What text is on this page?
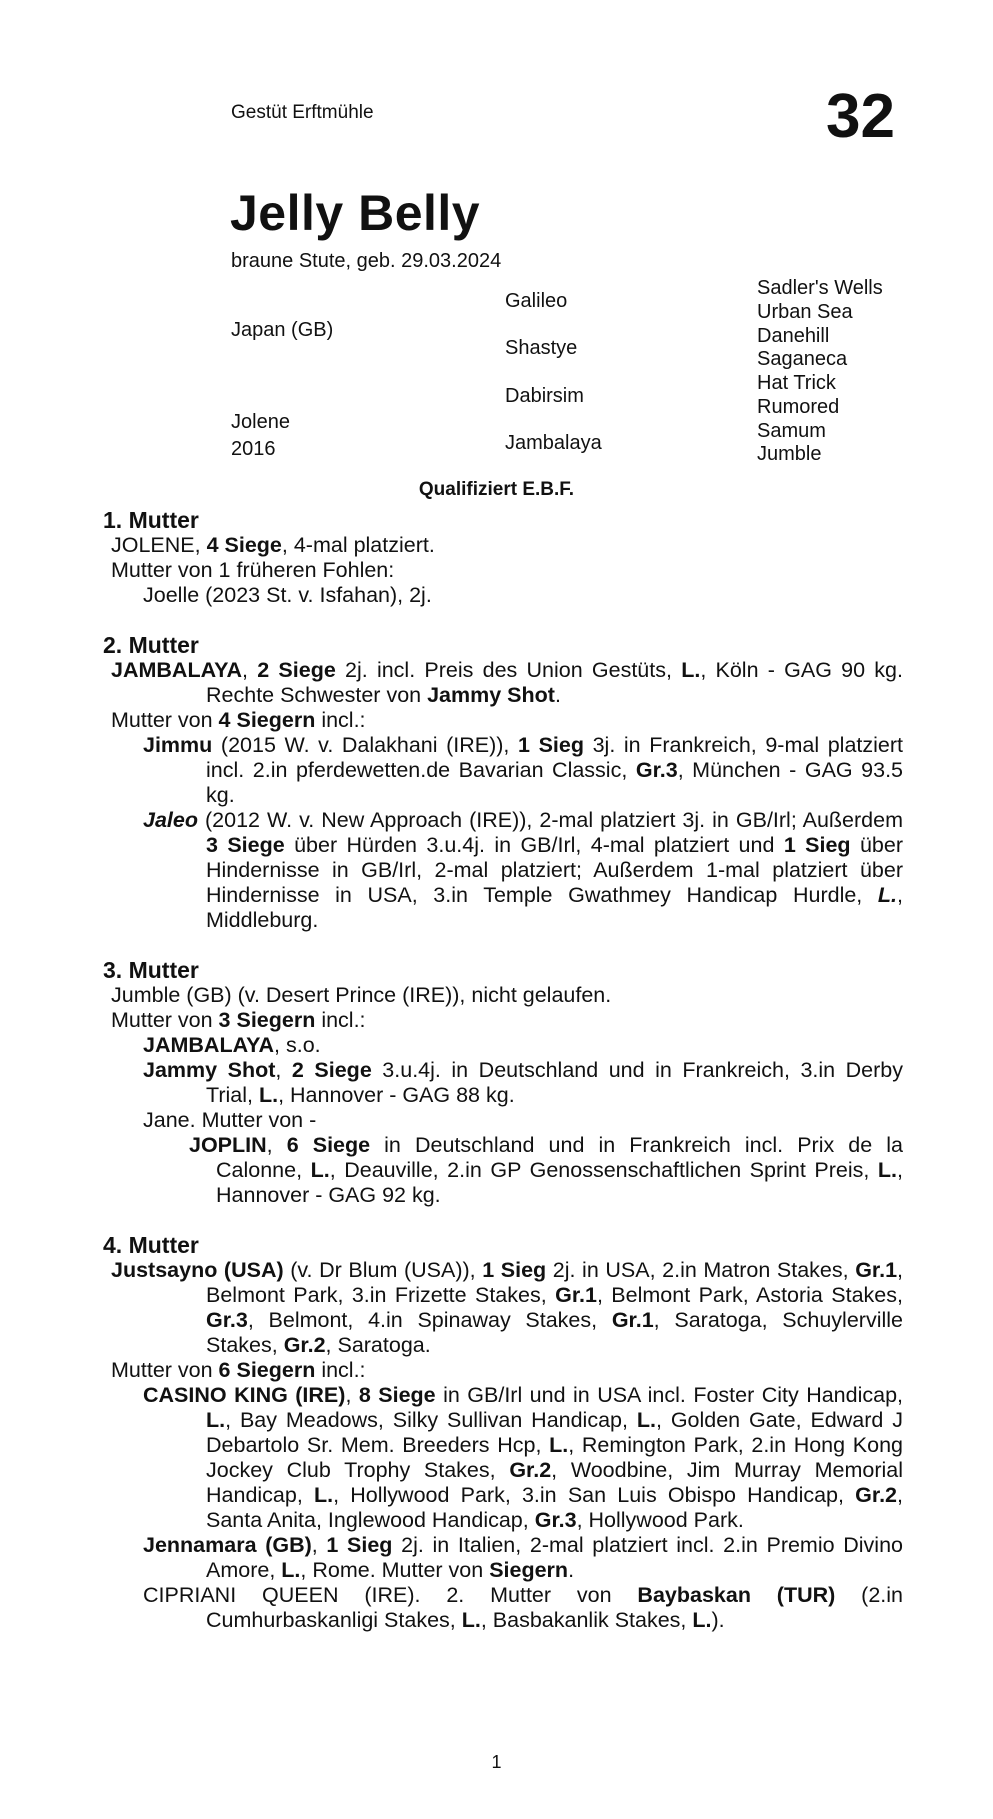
Gestüt Erftmühle	32
Jelly Belly
braune Stute, geb. 29.03.2024
Japan (GB)
Jolene
2016
Galileo
Shastye
Dabirsim
Jambalaya
Sadler's Wells
Urban Sea
Danehill
Saganeca
Hat Trick
Rumored
Samum
Jumble
Qualifiziert E.B.F.

1. Mutter

JOLENE, 4 Siege, 4-mal platziert.

Mutter von 1 früheren Fohlen:

Joelle (2023 St. v. Isfahan), 2j.

2. Mutter

JAMBALAYA, 2 Siege 2j. incl. Preis des Union Gestüts, L., Köln - GAG 90 kg. Rechte Schwester von Jammy Shot.

Mutter von 4 Siegern incl.:

Jimmu (2015 W. v. Dalakhani (IRE)), 1 Sieg 3j. in Frankreich, 9-mal platziert incl. 2.in pferdewetten.de Bavarian Classic, Gr.3, München - GAG 93.5 kg.

Jaleo (2012 W. v. New Approach (IRE)), 2-mal platziert 3j. in GB/Irl; Außerdem 3 Siege über Hürden 3.u.4j. in GB/Irl, 4-mal platziert und 1 Sieg über Hindernisse in GB/Irl, 2-mal platziert; Außerdem 1-mal platziert über Hindernisse in USA, 3.in Temple Gwathmey Handicap Hurdle, L., Middleburg.

3. Mutter

Jumble (GB) (v. Desert Prince (IRE)), nicht gelaufen.

Mutter von 3 Siegern incl.:

JAMBALAYA, s.o.

Jammy Shot, 2 Siege 3.u.4j. in Deutschland und in Frankreich, 3.in Derby Trial, L., Hannover - GAG 88 kg.

Jane. Mutter von -

JOPLIN, 6 Siege in Deutschland und in Frankreich incl. Prix de la Calonne, L., Deauville, 2.in GP Genossenschaftlichen Sprint Preis, L., Hannover - GAG 92 kg.

4. Mutter

Justsayno (USA) (v. Dr Blum (USA)), 1 Sieg 2j. in USA, 2.in Matron Stakes, Gr.1, Belmont Park, 3.in Frizette Stakes, Gr.1, Belmont Park, Astoria Stakes, Gr.3, Belmont, 4.in Spinaway Stakes, Gr.1, Saratoga, Schuylerville Stakes, Gr.2, Saratoga.

Mutter von 6 Siegern incl.:

CASINO KING (IRE), 8 Siege in GB/Irl und in USA incl. Foster City Handicap, L., Bay Meadows, Silky Sullivan Handicap, L., Golden Gate, Edward J Debartolo Sr. Mem. Breeders Hcp, L., Remington Park, 2.in Hong Kong Jockey Club Trophy Stakes, Gr.2, Woodbine, Jim Murray Memorial Handicap, L., Hollywood Park, 3.in San Luis Obispo Handicap, Gr.2, Santa Anita, Inglewood Handicap, Gr.3, Hollywood Park.

Jennamara (GB), 1 Sieg 2j. in Italien, 2-mal platziert incl. 2.in Premio Divino Amore, L., Rome. Mutter von Siegern.

CIPRIANI QUEEN (IRE). 2. Mutter von Baybaskan (TUR) (2.in Cumhurbaskanligi Stakes, L., Basbakanlik Stakes, L.).

1
